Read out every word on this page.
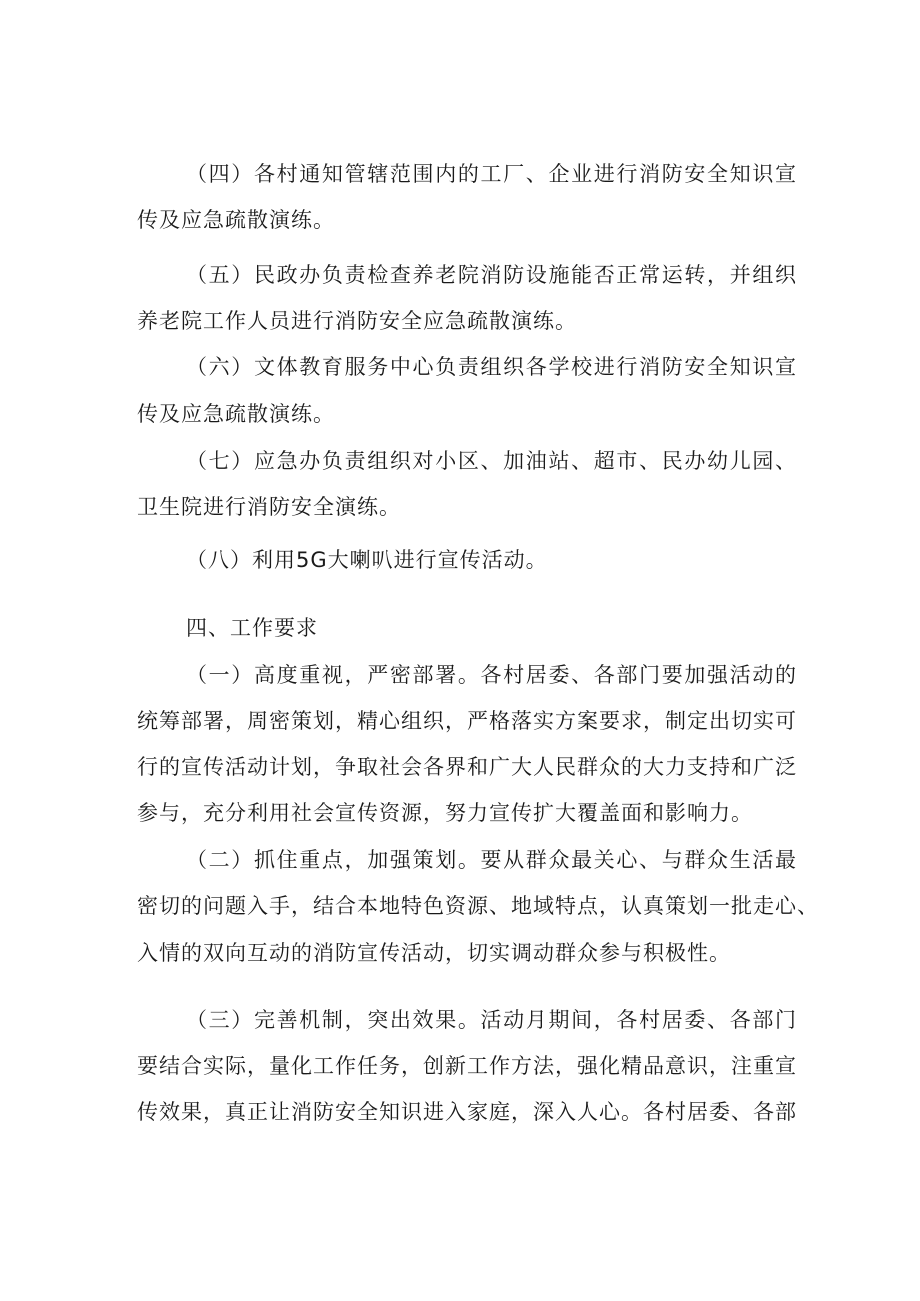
（四）各村通知管辖范围内的工厂、企业进行消防安全知识宣
传及应急疏散演练。
（五）民政办负责检查养老院消防设施能否正常运转，并组织
养老院工作人员进行消防安全应急疏散演练。
（六）文体教育服务中心负责组织各学校进行消防安全知识宣
传及应急疏散演练。
（七）应急办负责组织对小区、加油站、超市、民办幼儿园、
卫生院进行消防安全演练。
（八）利用5G大喇叭进行宣传活动。
四、工作要求
（一）高度重视，严密部署。各村居委、各部门要加强活动的
统筹部署，周密策划，精心组织，严格落实方案要求，制定出切实可
行的宣传活动计划，争取社会各界和广大人民群众的大力支持和广泛
参与，充分利用社会宣传资源，努力宣传扩大覆盖面和影响力。
（二）抓住重点，加强策划。要从群众最关心、与群众生活最
密切的问题入手，结合本地特色资源、地域特点，认真策划一批走心、
入情的双向互动的消防宣传活动，切实调动群众参与积极性。
（三）完善机制，突出效果。活动月期间，各村居委、各部门
要结合实际，量化工作任务，创新工作方法，强化精品意识，注重宣
传效果，真正让消防安全知识进入家庭，深入人心。各村居委、各部
